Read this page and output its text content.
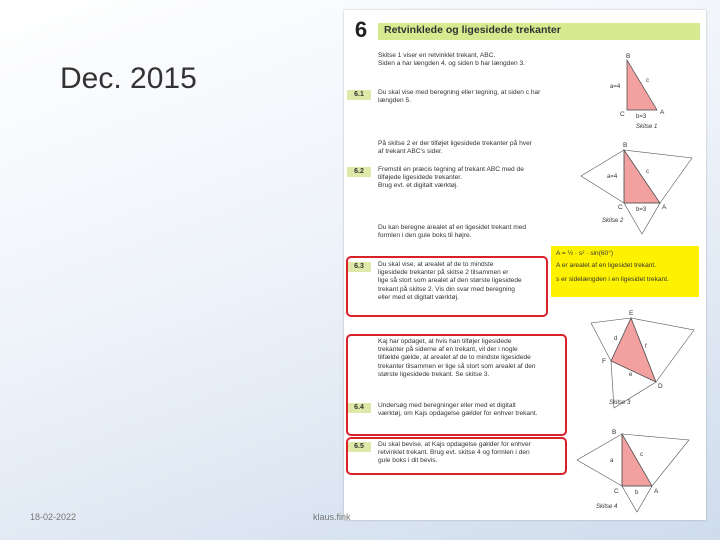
Dec. 2015
6	Retvinklede og ligesidede trekanter
Skitse 1 viser en retvinklet trekant, ABC.
Siden a har længden 4, og siden b har længden 3.
6.1	Du skal vise med beregning eller tegning, at siden c har
længden 5.
På skitse 2 er der tilføjet ligesidede trekanter på hver
af trekant ABC's sider.
6.2	Fremstil en præcis tegning af trekant ABC med de
tilføjede ligesidede trekanter.
Brug evt. et digitalt værktøj.
Du kan beregne arealet af en ligesidet trekant med
formlen i den gule boks til højre.
6.3	Du skal vise, at arealet af de to mindste
ligesidede trekanter på skitse 2 tilsammen er
lige så stort som arealet af den største ligesidede
trekant på skitse 2. Vis din svar med beregning
eller med et digitalt værktøj.
A = ½ · s² · sin(60°)
A er arealet af en ligesidet trekant.
s er sidelængden i en ligesidet trekant.
Kaj har opdaget, at hvis han tilføjer ligesidede
trekanter på siderne af en trekant, vil der i nogle
tilfælde gælde, at arealet af de to mindste ligesidede
trekanter tilsammen er lige så stort som arealet af den
største ligesidede trekant. Se skitse 3.
6.4	Undersøg med beregninger eller med et digitalt
værktøj, om Kajs opdagelse gælder for enhver trekant.
6.5	Du skal bevise, at Kajs opdagelse gælder for enhver
retvinklet trekant. Brug evt. skitse 4 og formlen i den
gule boks i dit bevis.
B
C	A
a=4
b=3
c
Skitse 1
B
C	A
a=4
b=3
c
Skitse 2
E
F
D
d
e
f
Skitse 3
B
C	A
a
b
c
Skitse 4
18-02-2022	klaus.fink
